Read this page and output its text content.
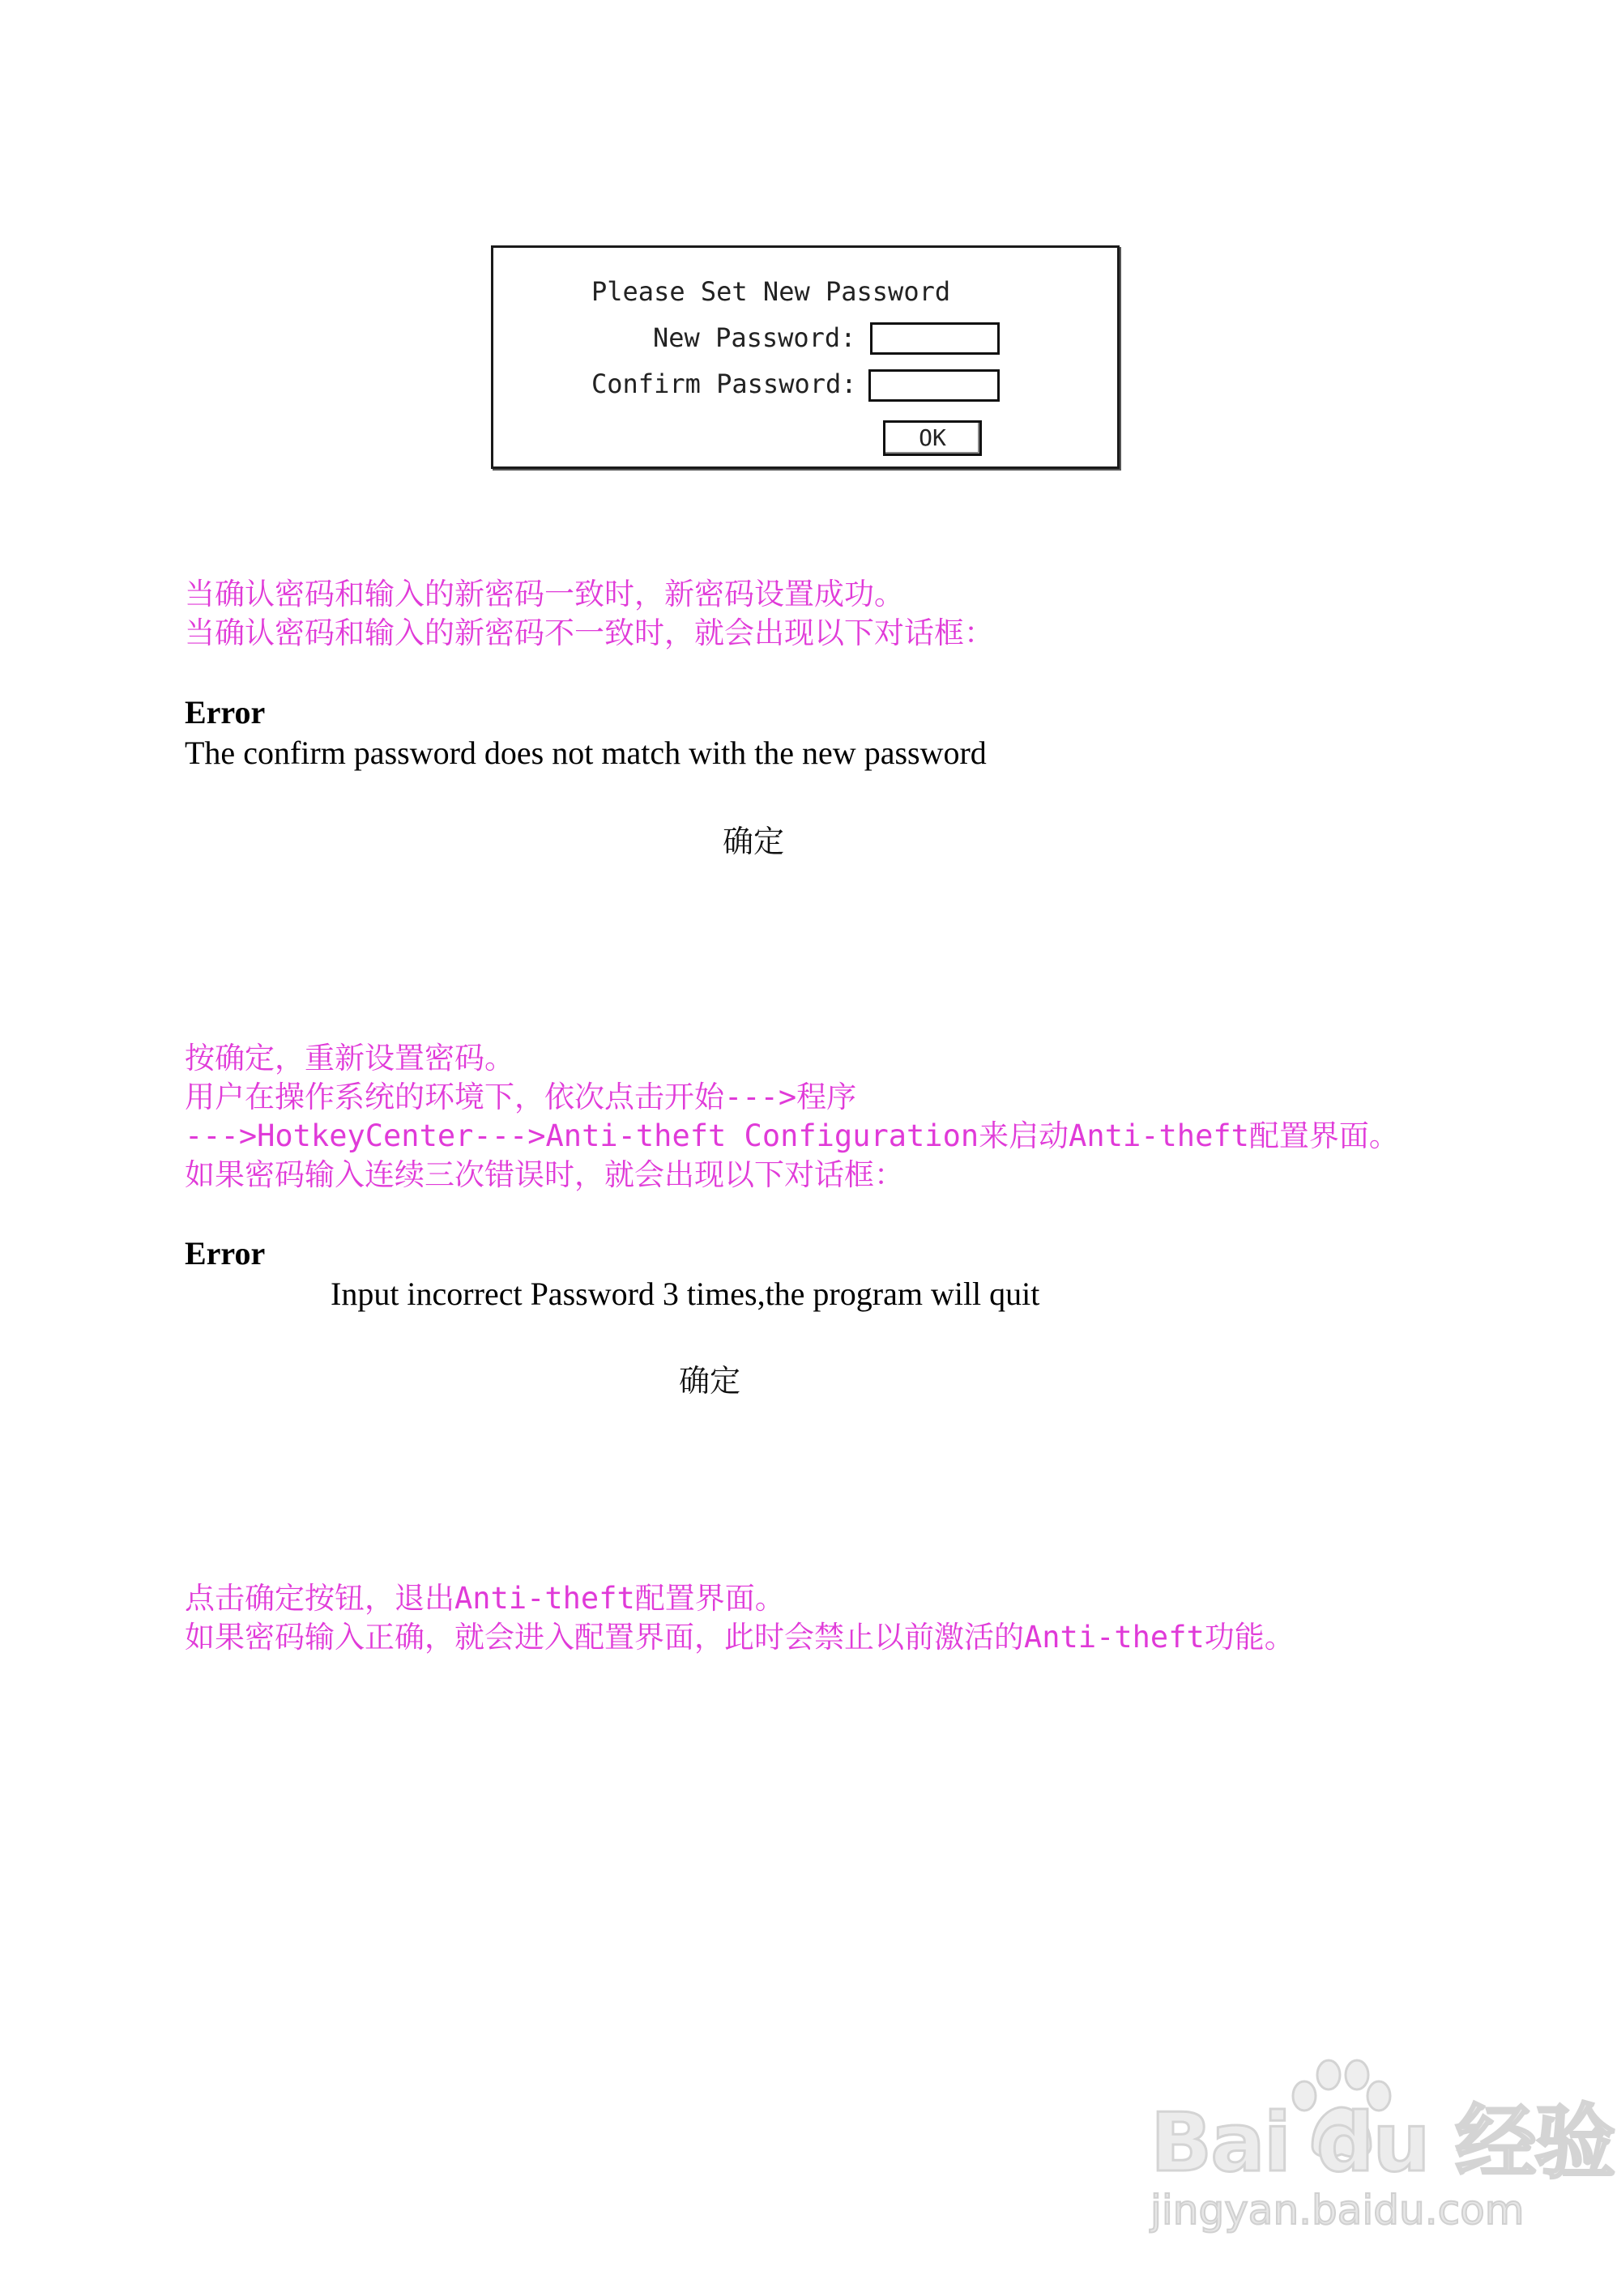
Please Set New Password
New Password:
Confirm Password:
OK
当确认密码和输入的新密码一致时，新密码设置成功。
当确认密码和输入的新密码不一致时，就会出现以下对话框：
Error
The confirm password does not match with the new password
确定
按确定，重新设置密码。
用户在操作系统的环境下，依次点击开始--->程序
--->HotkeyCenter--->Anti-theft Configuration来启动Anti-theft配置界面。
如果密码输入连续三次错误时，就会出现以下对话框：
Error
Input incorrect Password 3 times,the program will quit
确定
点击确定按钮，退出Anti-theft配置界面。
如果密码输入正确，就会进入配置界面，此时会禁止以前激活的Anti-theft功能。
Bai du 经验
jingyan.baidu.com
